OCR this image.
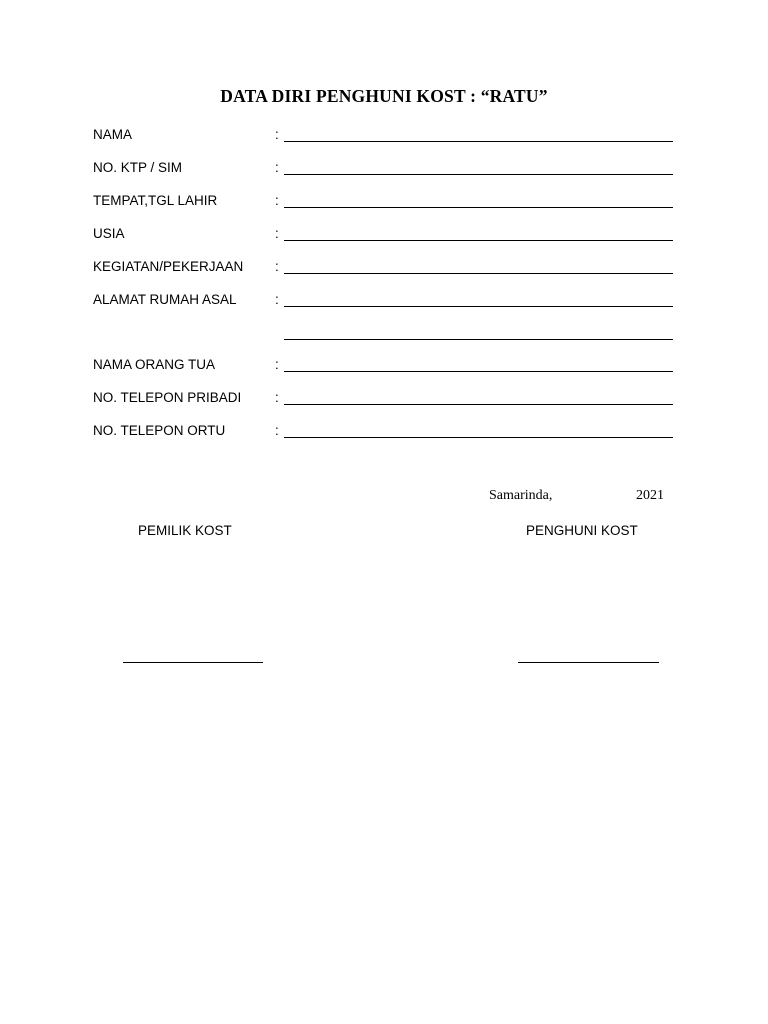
DATA DIRI PENGHUNI KOST : “RATU”
NAMA	:
NO. KTP / SIM	:
TEMPAT,TGL LAHIR	:
USIA	:
KEGIATAN/PEKERJAAN :
ALAMAT RUMAH ASAL	:
NAMA ORANG TUA	:
NO. TELEPON PRIBADI :
NO. TELEPON ORTU	:
Samarinda,	2021
PEMILIK KOST	PENGHUNI KOST
